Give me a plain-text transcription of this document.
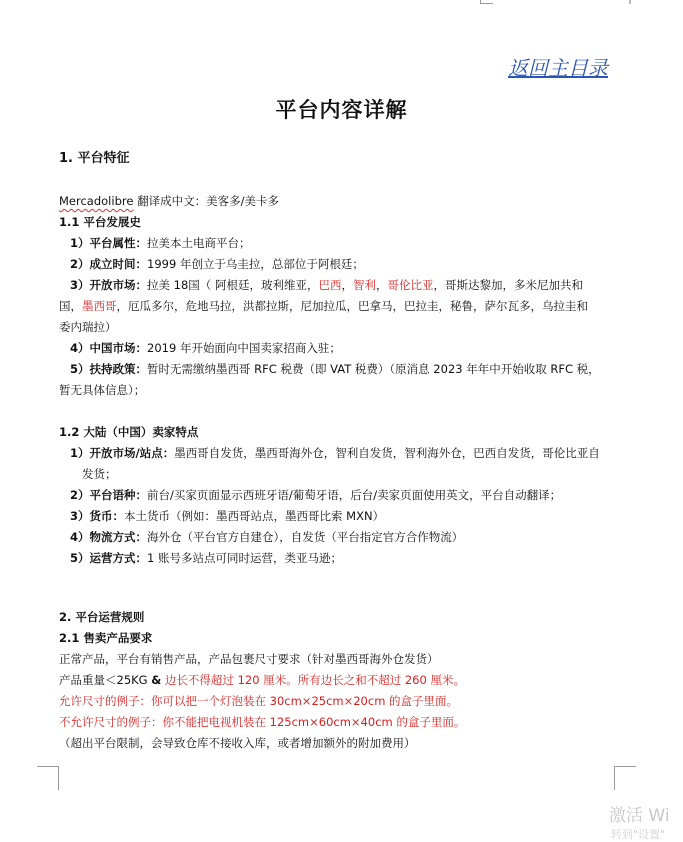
返回主目录
平台内容详解
1. 平台特征
Mercadolibre 翻译成中文：美客多/美卡多
1.1 平台发展史
1）平台属性：拉美本土电商平台；
2）成立时间：1999 年创立于乌圭拉，总部位于阿根廷；
3）开放市场：拉美 18国（ 阿根廷，玻利维亚，巴西，智利，哥伦比亚，哥斯达黎加，多米尼加共和
国，墨西哥，厄瓜多尔，危地马拉，洪都拉斯，尼加拉瓜，巴拿马，巴拉圭，秘鲁，萨尔瓦多，乌拉圭和
委内瑞拉）
4）中国市场：2019 年开始面向中国卖家招商入驻；
5）扶持政策：暂时无需缴纳墨西哥 RFC 税费（即 VAT 税费）（原消息 2023 年年中开始收取 RFC 税，
暂无具体信息）；
1.2 大陆（中国）卖家特点
1）开放市场/站点：墨西哥自发货，墨西哥海外仓，智利自发货，智利海外仓，巴西自发货，哥伦比亚自
发货；
2）平台语种：前台/买家页面显示西班牙语/葡萄牙语，后台/卖家页面使用英文，平台自动翻译；
3）货币：本土货币（例如：墨西哥站点，墨西哥比索 MXN）
4）物流方式：海外仓（平台官方自建仓），自发货（平台指定官方合作物流）
5）运营方式：1 账号多站点可同时运营，类亚马逊；
2. 平台运营规则
2.1 售卖产品要求
正常产品，平台有销售产品，产品包裹尺寸要求（针对墨西哥海外仓发货）
产品重量＜25KG & 边长不得超过 120 厘米。所有边长之和不超过 260 厘米。
允许尺寸的例子：你可以把一个灯泡装在 30cm×25cm×20cm 的盒子里面。
不允许尺寸的例子：你不能把电视机装在 125cm×60cm×40cm 的盒子里面。
（超出平台限制，会导致仓库不接收入库，或者增加额外的附加费用）
激活 Wi
转到"设置"
